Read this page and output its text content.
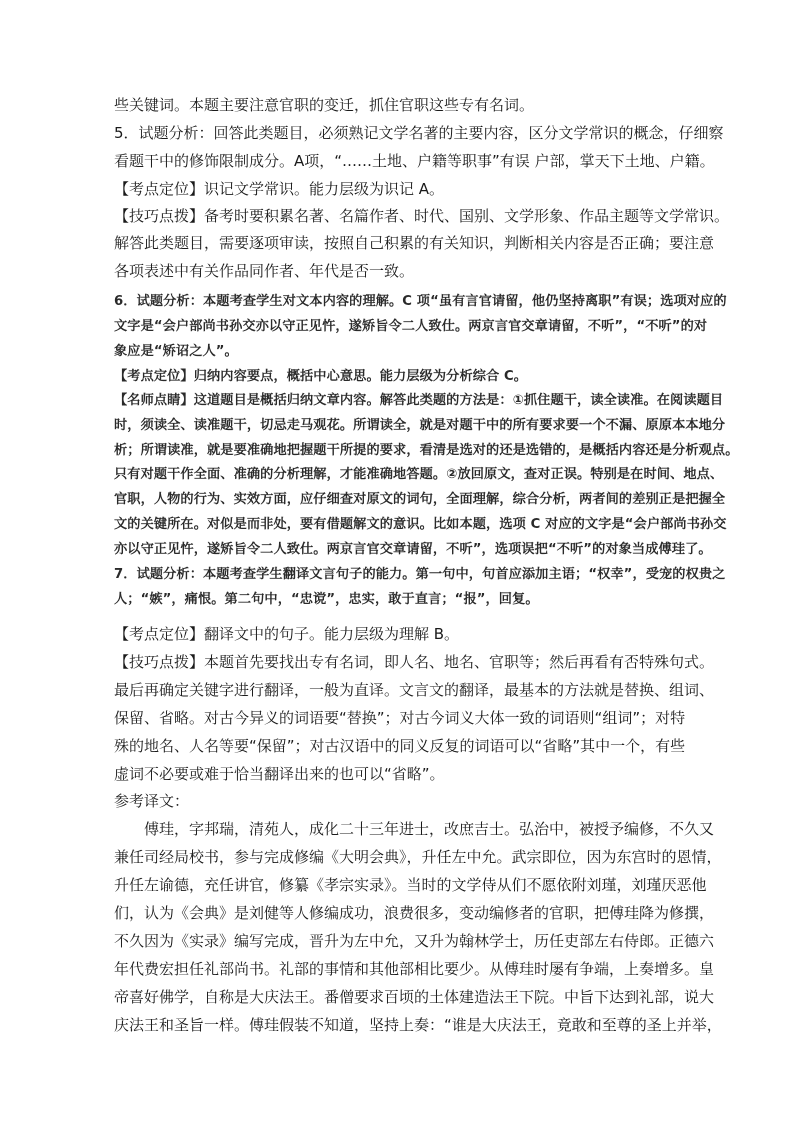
些关键词。本题主要注意官职的变迁，抓住官职这些专有名词。
5．试题分析：回答此类题目，必须熟记文学名著的主要内容，区分文学常识的概念，仔细察
看题干中的修饰限制成分。A项，“……土地、户籍等职事”有误 户部，掌天下土地、户籍。
【考点定位】识记文学常识。能力层级为识记 A。
【技巧点拨】备考时要积累名著、名篇作者、时代、国别、文学形象、作品主题等文学常识。
解答此类题目，需要逐项审读，按照自己积累的有关知识，判断相关内容是否正确；要注意
各项表述中有关作品同作者、年代是否一致。
6．试题分析：本题考查学生对文本内容的理解。C 项“虽有言官请留，他仍坚持离职”有误；选项对应的
文字是“会户部尚书孙交亦以守正见忤，遂矫旨令二人致仕。两京言官交章请留，不听”，“不听”的对
象应是“矫诏之人”。
【考点定位】归纳内容要点，概括中心意思。能力层级为分析综合 C。
【名师点睛】这道题目是概括归纳文章内容。解答此类题的方法是：①抓住题干，读全读准。在阅读题目
时，须读全、读准题干，切忌走马观花。所谓读全，就是对题干中的所有要求要一个不漏、原原本本地分
析；所谓读准，就是要准确地把握题干所提的要求，看清是选对的还是选错的，是概括内容还是分析观点。
只有对题干作全面、准确的分析理解，才能准确地答题。②放回原文，查对正误。特别是在时间、地点、
官职，人物的行为、实效方面，应仔细查对原文的词句，全面理解，综合分析，两者间的差别正是把握全
文的关键所在。对似是而非处，要有借题解文的意识。比如本题，选项 C 对应的文字是“会户部尚书孙交
亦以守正见忤，遂矫旨令二人致仕。两京言官交章请留，不听”，选项误把“不听”的对象当成傅珪了。
7．试题分析：本题考查学生翻译文言句子的能力。第一句中，句首应添加主语；“权幸”，受宠的权贵之
人；“嫉”，痛恨。第二句中，“忠谠”，忠实，敢于直言；“报”，回复。
【考点定位】翻译文中的句子。能力层级为理解 B。
【技巧点拨】本题首先要找出专有名词，即人名、地名、官职等；然后再看有否特殊句式。
最后再确定关键字进行翻译，一般为直译。文言文的翻译，最基本的方法就是替换、组词、
保留、省略。对古今异义的词语要“替换”；对古今词义大体一致的词语则“组词”；对特
殊的地名、人名等要“保留”；对古汉语中的同义反复的词语可以“省略”其中一个，有些
虚词不必要或难于恰当翻译出来的也可以“省略”。
参考译文：
傅珪，字邦瑞，清苑人，成化二十三年进士，改庶吉士。弘治中，被授予编修，不久又
兼任司经局校书，参与完成修编《大明会典》，升任左中允。武宗即位，因为东宫时的恩情，
升任左谕德，充任讲官，修纂《孝宗实录》。当时的文学侍从们不愿依附刘瑾，刘瑾厌恶他
们，认为《会典》是刘健等人修编成功，浪费很多，变动编修者的官职，把傅珪降为修撰，
不久因为《实录》编写完成，晋升为左中允，又升为翰林学士，历任吏部左右侍郎。正德六
年代费宏担任礼部尚书。礼部的事情和其他部相比要少。从傅珪时屡有争端，上奏增多。皇
帝喜好佛学，自称是大庆法王。番僧要求百顷的土体建造法王下院。中旨下达到礼部，说大
庆法王和圣旨一样。傅珪假装不知道，坚持上奏：“谁是大庆法王，竟敢和至尊的圣上并举，
